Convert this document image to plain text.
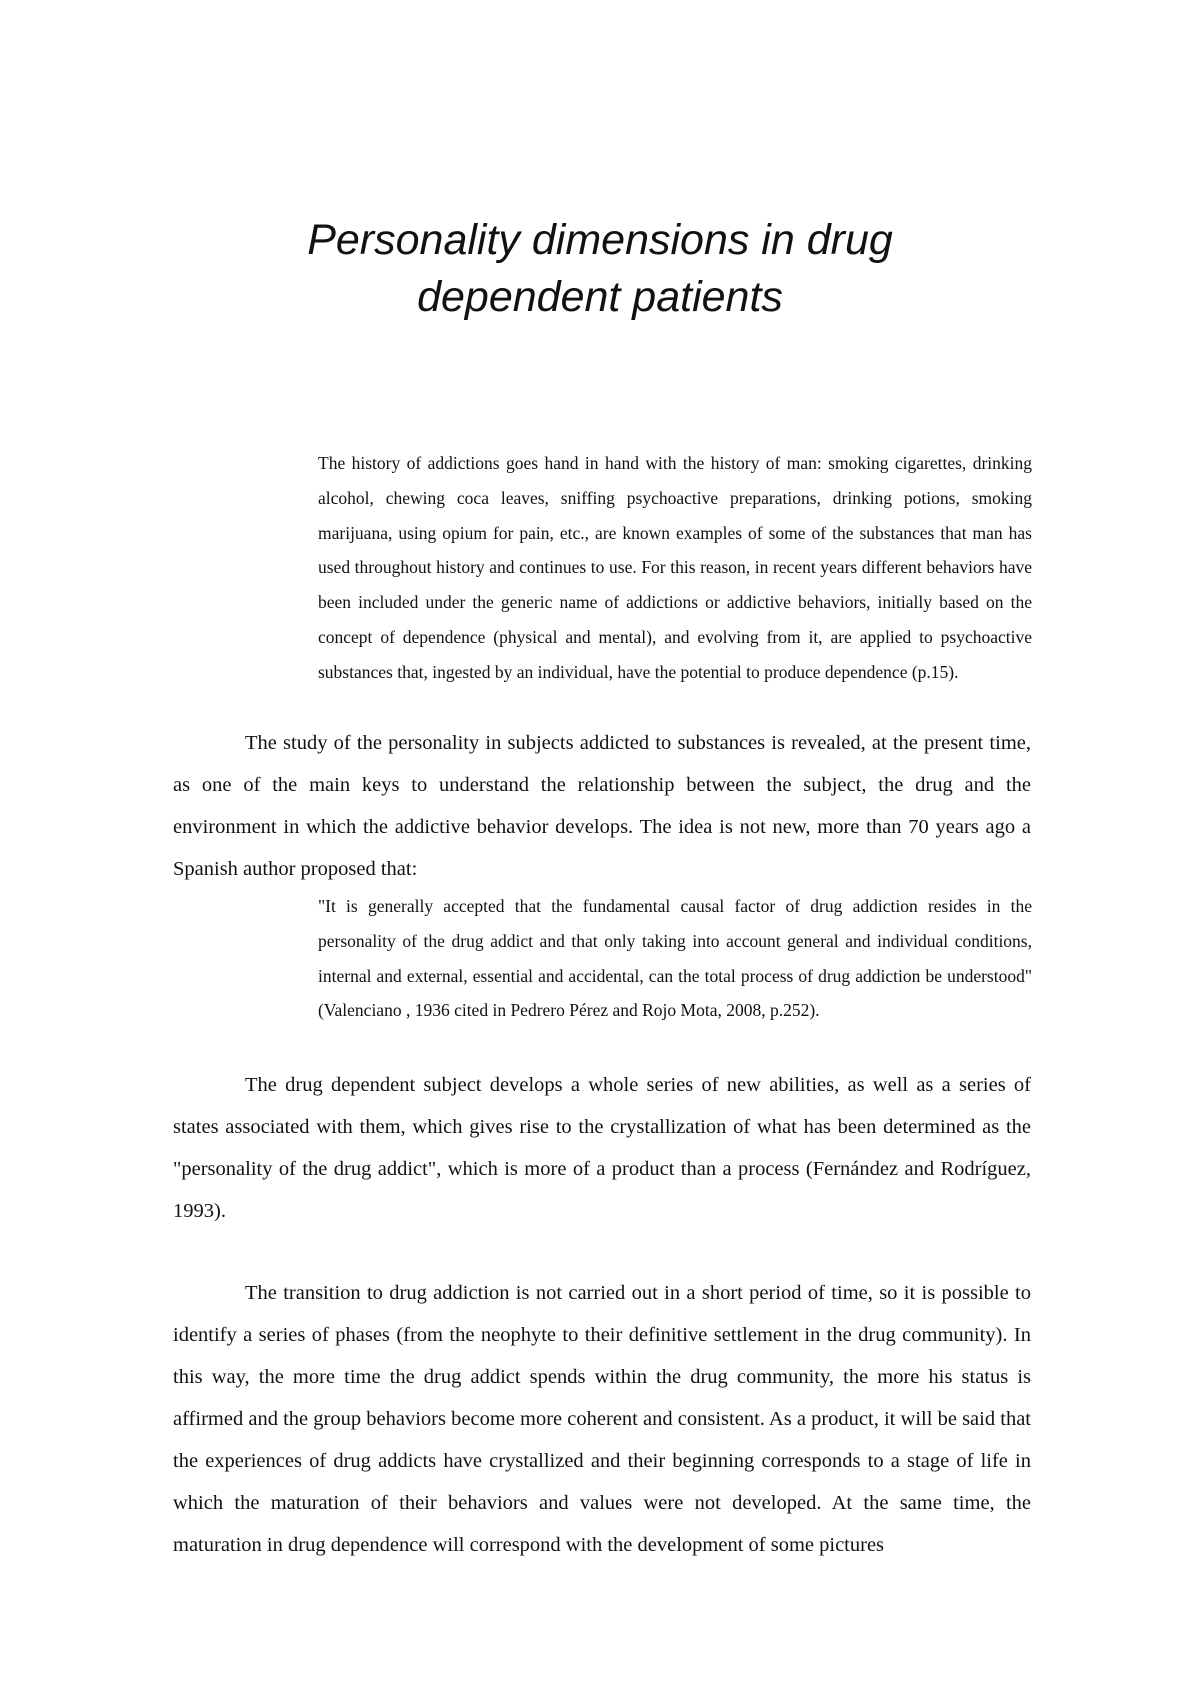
Personality dimensions in drug
dependent patients

The history of addictions goes hand in hand with the history of man: smoking cigarettes, drinking alcohol, chewing coca leaves, sniffing psychoactive preparations, drinking potions, smoking marijuana, using opium for pain, etc., are known examples of some of the substances that man has used throughout history and continues to use. For this reason, in recent years different behaviors have been included under the generic name of addictions or addictive behaviors, initially based on the concept of dependence (physical and mental), and evolving from it, are applied to psychoactive substances that, ingested by an individual, have the potential to produce dependence (p.15).

The study of the personality in subjects addicted to substances is revealed, at the present time, as one of the main keys to understand the relationship between the subject, the drug and the environment in which the addictive behavior develops. The idea is not new, more than 70 years ago a Spanish author proposed that:

"It is generally accepted that the fundamental causal factor of drug addiction resides in the personality of the drug addict and that only taking into account general and individual conditions, internal and external, essential and accidental, can the total process of drug addiction be understood" (Valenciano , 1936 cited in Pedrero Pérez and Rojo Mota, 2008, p.252).

The drug dependent subject develops a whole series of new abilities, as well as a series of states associated with them, which gives rise to the crystallization of what has been determined as the "personality of the drug addict", which is more of a product than a process (Fernández and Rodríguez, 1993).

The transition to drug addiction is not carried out in a short period of time, so it is possible to identify a series of phases (from the neophyte to their definitive settlement in the drug community). In this way, the more time the drug addict spends within the drug community, the more his status is affirmed and the group behaviors become more coherent and consistent. As a product, it will be said that the experiences of drug addicts have crystallized and their beginning corresponds to a stage of life in which the maturation of their behaviors and values were not developed. At the same time, the maturation in drug dependence will correspond with the development of some pictures
